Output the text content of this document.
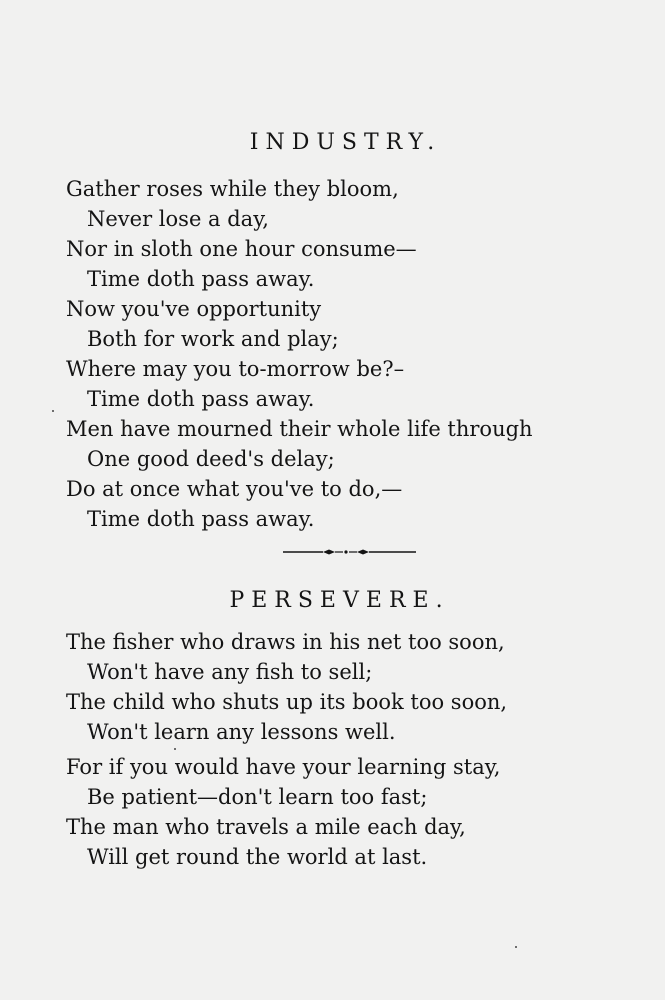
INDUSTRY.
Gather roses while they bloom,
Never lose a day,
Nor in sloth one hour consume—
Time doth pass away.
Now you've opportunity
Both for work and play;
Where may you to-morrow be?–
Time doth pass away.
Men have mourned their whole life through
One good deed's delay;
Do at once what you've to do,—
Time doth pass away.
PERSEVERE.
The fisher who draws in his net too soon,
Won't have any fish to sell;
The child who shuts up its book too soon,
Won't learn any lessons well.
For if you would have your learning stay,
Be patient—don't learn too fast;
The man who travels a mile each day,
Will get round the world at last.
